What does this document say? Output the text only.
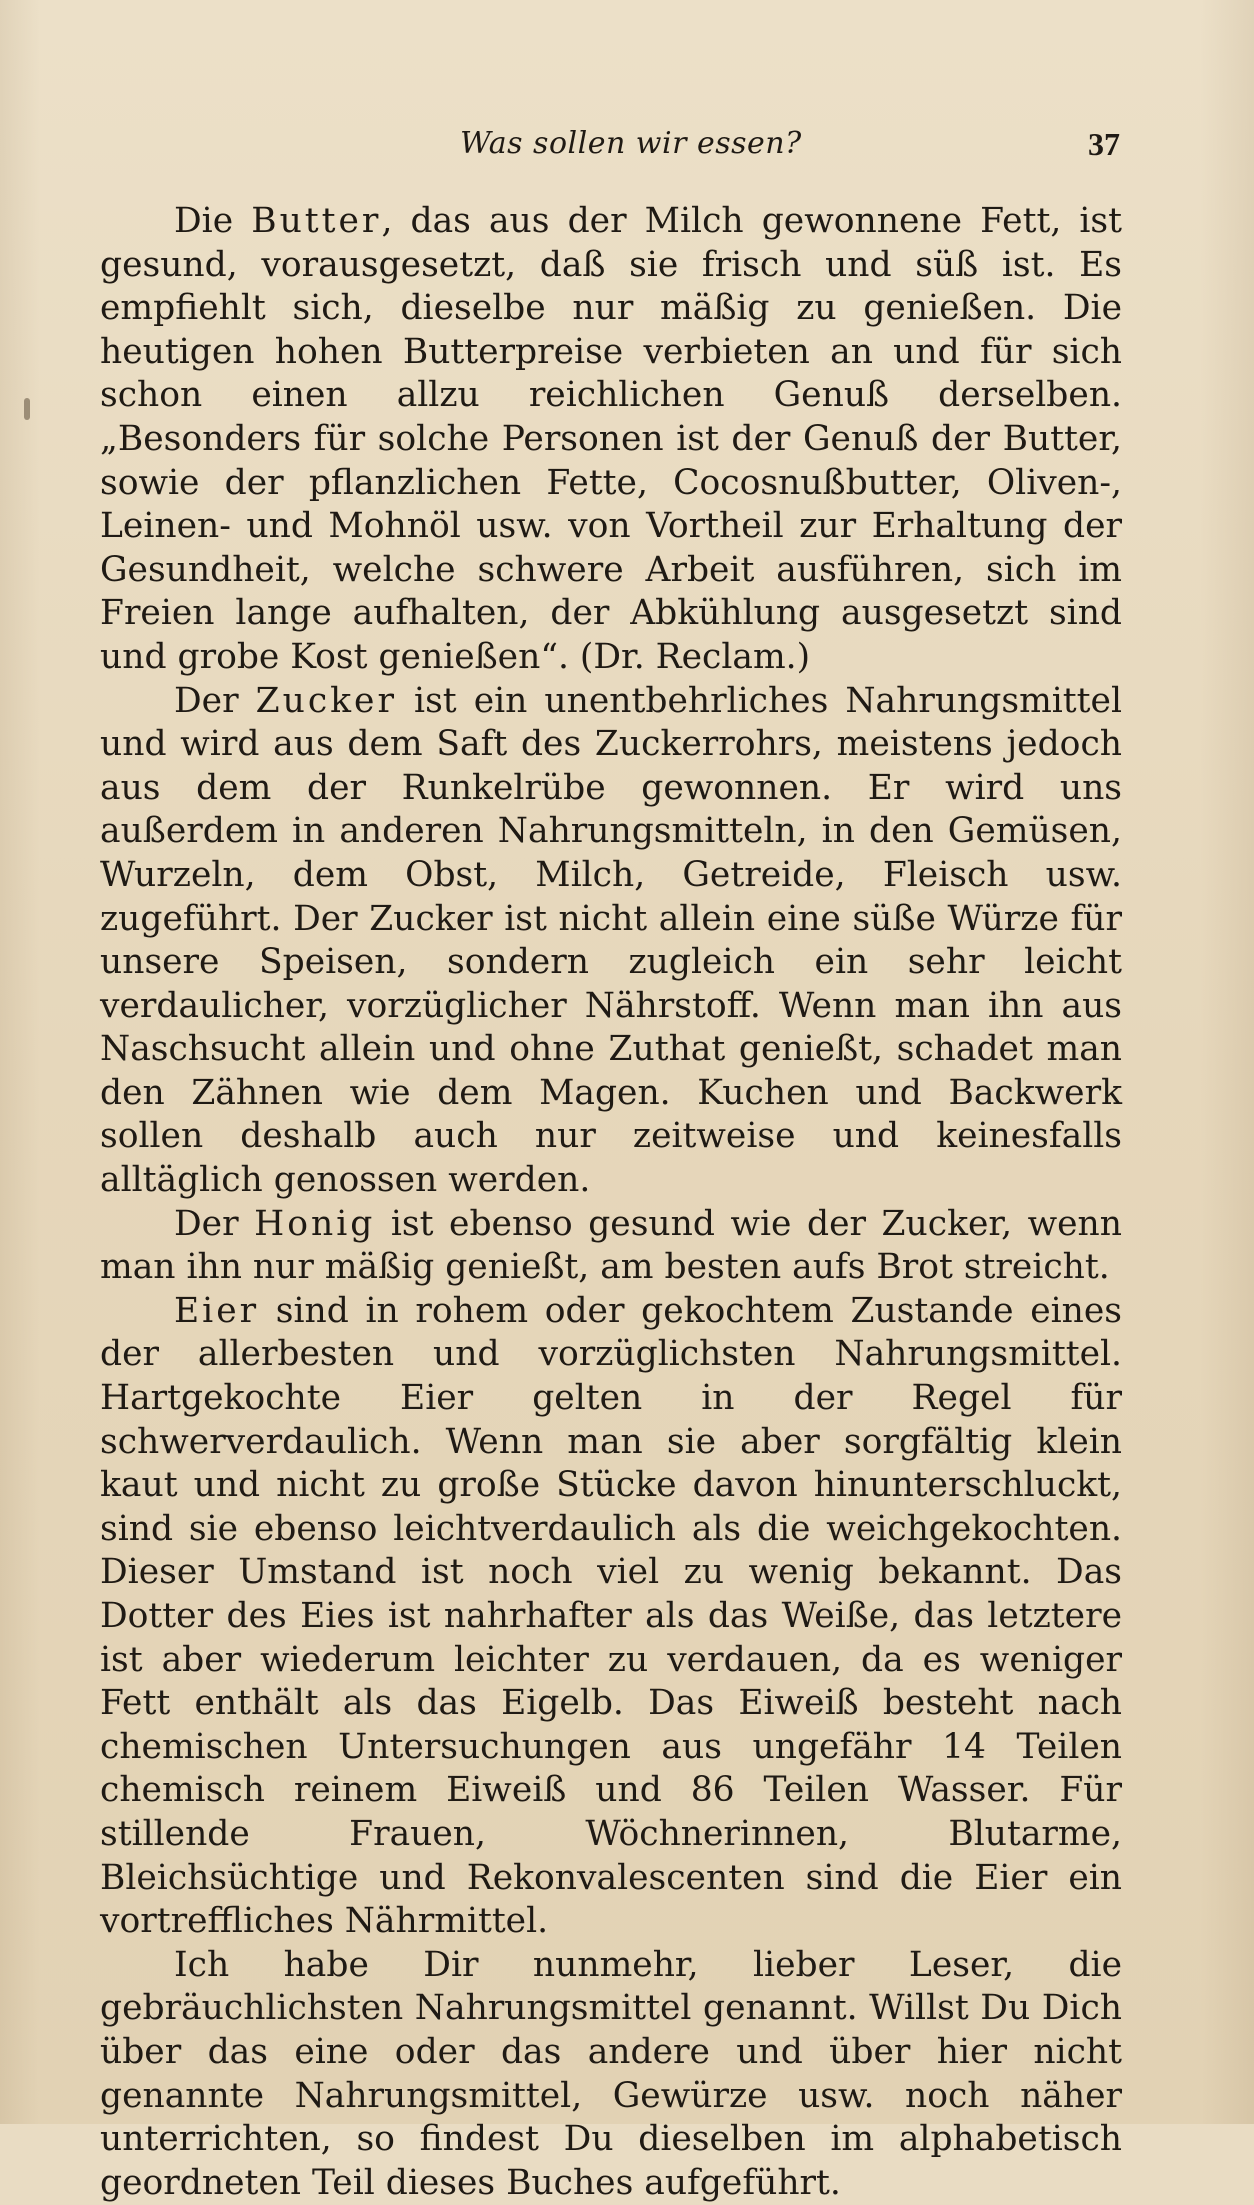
Was sollen wir essen?	37

Die Butter, das aus der Milch gewonnene Fett, ist gesund, vorausgesetzt, daß sie frisch und süß ist. Es empfiehlt sich, dieselbe nur mäßig zu genießen. Die heutigen hohen Butterpreise verbieten an und für sich schon einen allzu reichlichen Genuß derselben. „Besonders für solche Personen ist der Genuß der Butter, sowie der pflanzlichen Fette, Cocosnußbutter, Oliven-, Leinen- und Mohnöl usw. von Vortheil zur Erhaltung der Gesundheit, welche schwere Arbeit ausführen, sich im Freien lange aufhalten, der Abkühlung ausgesetzt sind und grobe Kost genießen“. (Dr. Reclam.)

Der Zucker ist ein unentbehrliches Nahrungsmittel und wird aus dem Saft des Zuckerrohrs, meistens jedoch aus dem der Runkelrübe gewonnen. Er wird uns außerdem in anderen Nahrungsmitteln, in den Gemüsen, Wurzeln, dem Obst, Milch, Getreide, Fleisch usw. zugeführt. Der Zucker ist nicht allein eine süße Würze für unsere Speisen, sondern zugleich ein sehr leicht verdaulicher, vorzüglicher Nährstoff. Wenn man ihn aus Naschsucht allein und ohne Zuthat genießt, schadet man den Zähnen wie dem Magen. Kuchen und Backwerk sollen deshalb auch nur zeitweise und keinesfalls alltäglich genossen werden.

Der Honig ist ebenso gesund wie der Zucker, wenn man ihn nur mäßig genießt, am besten aufs Brot streicht.

Eier sind in rohem oder gekochtem Zustande eines der allerbesten und vorzüglichsten Nahrungsmittel. Hartgekochte Eier gelten in der Regel für schwerverdaulich. Wenn man sie aber sorgfältig klein kaut und nicht zu große Stücke davon hinunterschluckt, sind sie ebenso leichtverdaulich als die weichgekochten. Dieser Umstand ist noch viel zu wenig bekannt. Das Dotter des Eies ist nahrhafter als das Weiße, das letztere ist aber wiederum leichter zu verdauen, da es weniger Fett enthält als das Eigelb. Das Eiweiß besteht nach chemischen Untersuchungen aus ungefähr 14 Teilen chemisch reinem Eiweiß und 86 Teilen Wasser. Für stillende Frauen, Wöchnerinnen, Blutarme, Bleichsüchtige und Rekonvalescenten sind die Eier ein vortreffliches Nährmittel.

Ich habe Dir nunmehr, lieber Leser, die gebräuchlichsten Nahrungsmittel genannt. Willst Du Dich über das eine oder das andere und über hier nicht genannte Nahrungsmittel, Gewürze usw. noch näher unterrichten, so findest Du dieselben im alphabetisch geordneten Teil dieses Buches aufgeführt.
